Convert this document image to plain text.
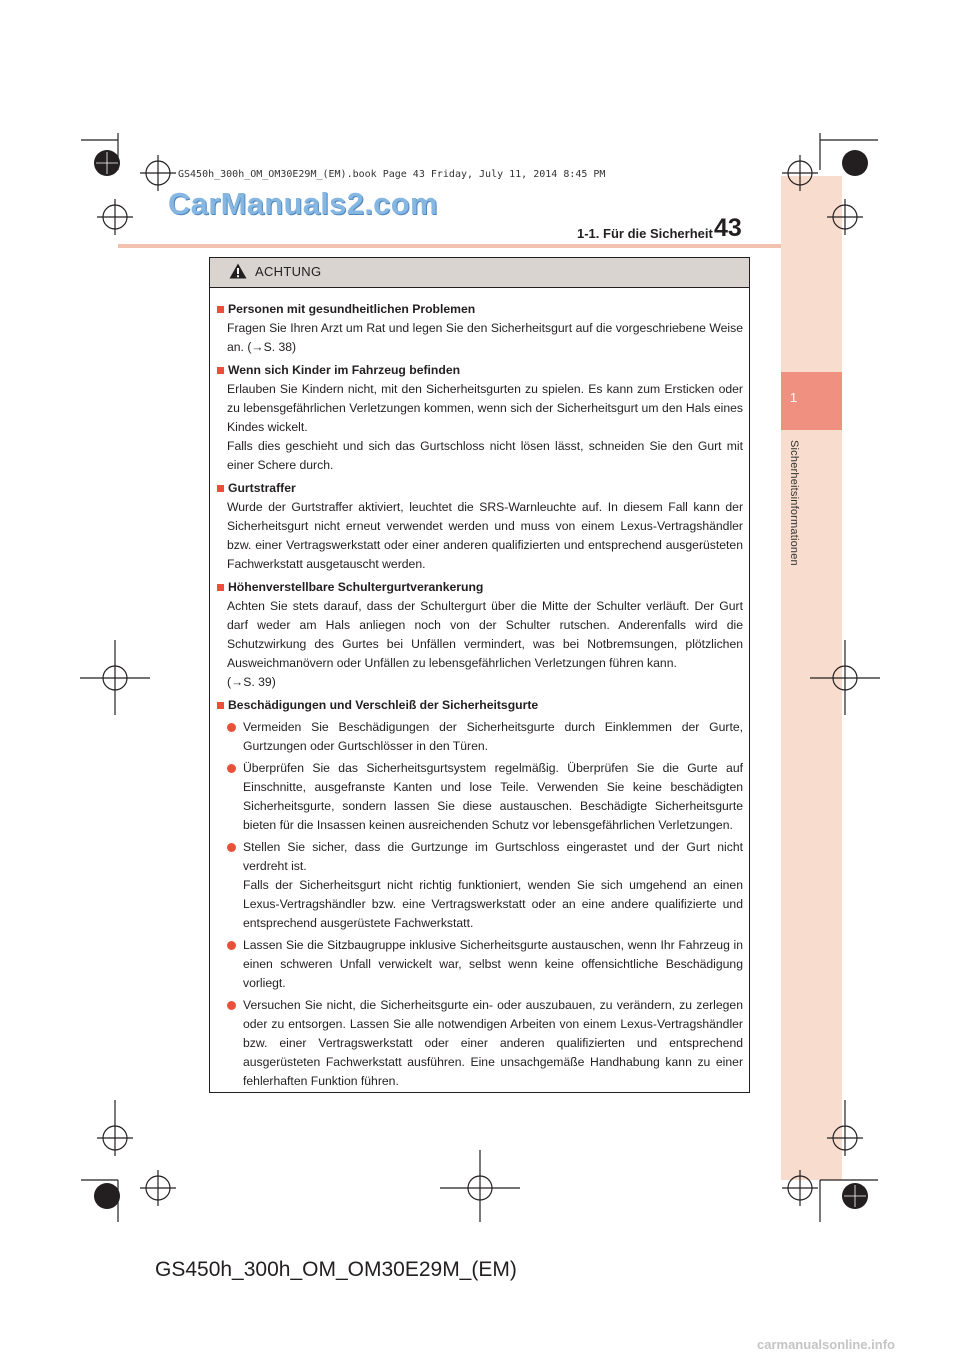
1
Sicherheitsinformationen
GS450h_300h_OM_OM30E29M_(EM).book Page 43 Friday, July 11, 2014 8:45 PM
CarManuals2.com
1-1. Für die Sicherheit 43
ACHTUNG
Personen mit gesundheitlichen Problemen
Fragen Sie Ihren Arzt um Rat und legen Sie den Sicherheitsgurt auf die vorgeschriebene Weise an. (→S. 38)
Wenn sich Kinder im Fahrzeug befinden
Erlauben Sie Kindern nicht, mit den Sicherheitsgurten zu spielen. Es kann zum Ersticken oder zu lebensgefährlichen Verletzungen kommen, wenn sich der Sicherheitsgurt um den Hals eines Kindes wickelt.
Falls dies geschieht und sich das Gurtschloss nicht lösen lässt, schneiden Sie den Gurt mit einer Schere durch.
Gurtstraffer
Wurde der Gurtstraffer aktiviert, leuchtet die SRS-Warnleuchte auf. In diesem Fall kann der Sicherheitsgurt nicht erneut verwendet werden und muss von einem Lexus-Vertragshändler bzw. einer Vertragswerkstatt oder einer anderen qualifizierten und entsprechend ausgerüsteten Fachwerkstatt ausgetauscht werden.
Höhenverstellbare Schultergurtverankerung
Achten Sie stets darauf, dass der Schultergurt über die Mitte der Schulter verläuft. Der Gurt darf weder am Hals anliegen noch von der Schulter rutschen. Anderenfalls wird die Schutzwirkung des Gurtes bei Unfällen vermindert, was bei Notbremsungen, plötzlichen Ausweichmanövern oder Unfällen zu lebensgefährlichen Verletzungen führen kann.
(→S. 39)
Beschädigungen und Verschleiß der Sicherheitsgurte
Vermeiden Sie Beschädigungen der Sicherheitsgurte durch Einklemmen der Gurte, Gurtzungen oder Gurtschlösser in den Türen.
Überprüfen Sie das Sicherheitsgurtsystem regelmäßig. Überprüfen Sie die Gurte auf Einschnitte, ausgefranste Kanten und lose Teile. Verwenden Sie keine beschädigten Sicherheitsgurte, sondern lassen Sie diese austauschen. Beschädigte Sicherheitsgurte bieten für die Insassen keinen ausreichenden Schutz vor lebensgefährlichen Verletzungen.
Stellen Sie sicher, dass die Gurtzunge im Gurtschloss eingerastet und der Gurt nicht verdreht ist.
Falls der Sicherheitsgurt nicht richtig funktioniert, wenden Sie sich umgehend an einen Lexus-Vertragshändler bzw. eine Vertragswerkstatt oder an eine andere qualifizierte und entsprechend ausgerüstete Fachwerkstatt.
Lassen Sie die Sitzbaugruppe inklusive Sicherheitsgurte austauschen, wenn Ihr Fahrzeug in einen schweren Unfall verwickelt war, selbst wenn keine offensichtliche Beschädigung vorliegt.
Versuchen Sie nicht, die Sicherheitsgurte ein- oder auszubauen, zu verändern, zu zerlegen oder zu entsorgen. Lassen Sie alle notwendigen Arbeiten von einem Lexus-Vertragshändler bzw. einer Vertragswerkstatt oder einer anderen qualifizierten und entsprechend ausgerüsteten Fachwerkstatt ausführen. Eine unsachgemäße Handhabung kann zu einer fehlerhaften Funktion führen.
GS450h_300h_OM_OM30E29M_(EM)
carmanualsonline.info
